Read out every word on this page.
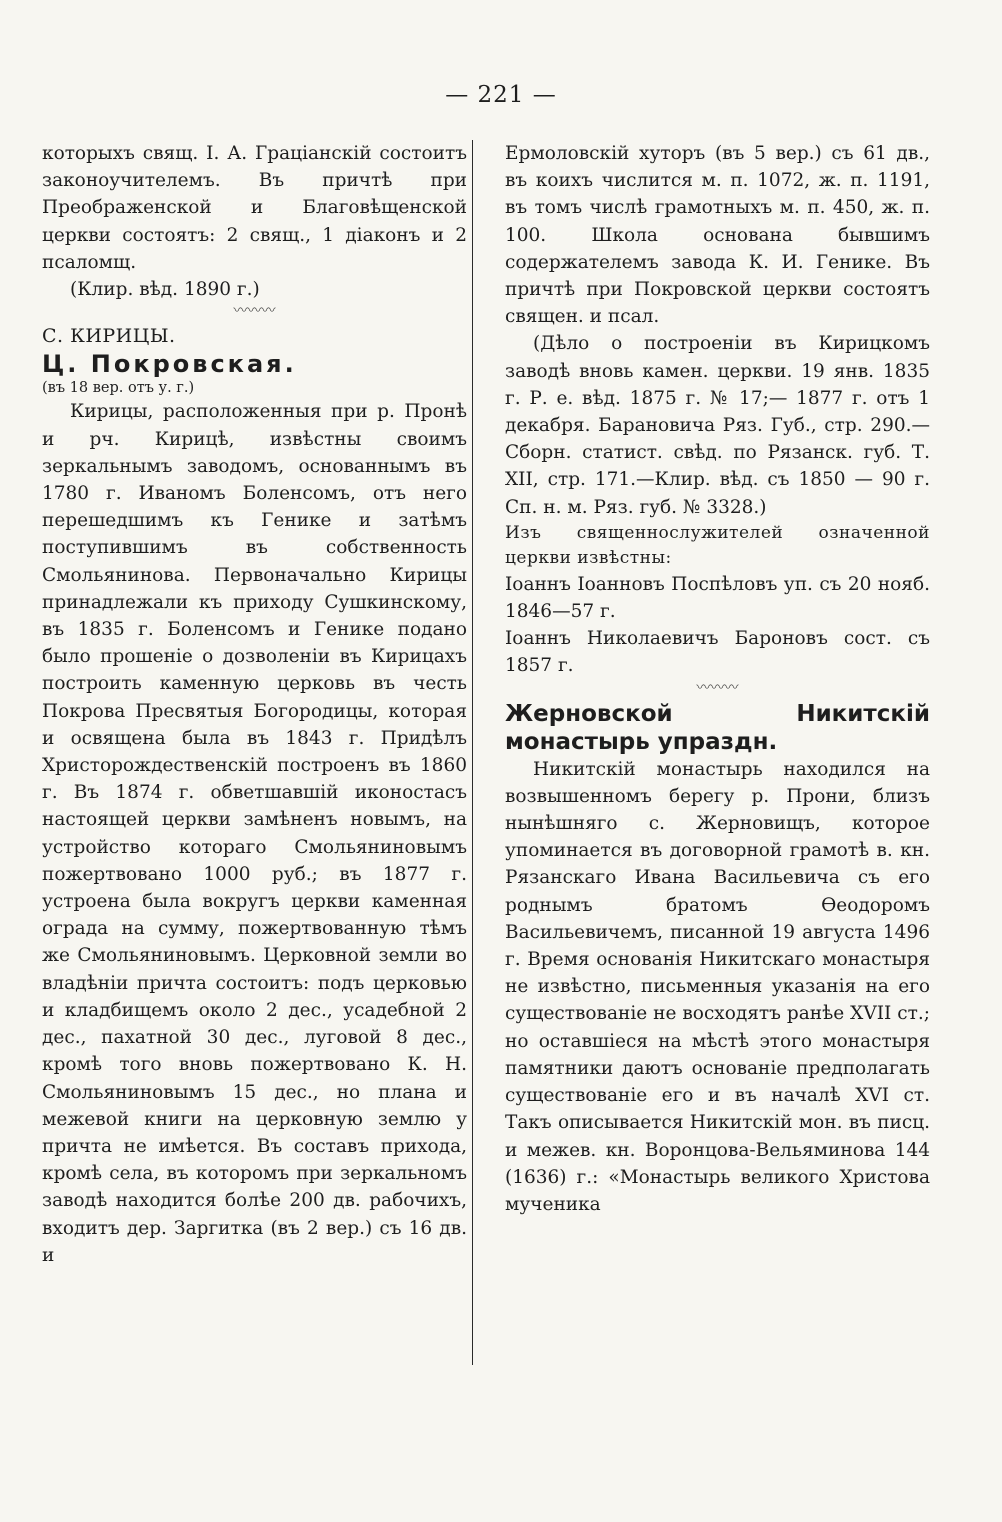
— 221 —

которыхъ свящ. І. А. Граціанскій состоитъ законоучителемъ. Въ причтѣ при Преображенской и Благовѣщенской церкви состоятъ: 2 свящ., 1 діаконъ и 2 псаломщ.

(Клир. вѣд. 1890 г.)

〰〰〰

С. КИРИЦЫ.

Ц. Покровская.

(въ 18 вер. отъ у. г.)

Кирицы, расположенныя при р. Пронѣ и рч. Кирицѣ, извѣстны своимъ зеркальнымъ заводомъ, основаннымъ въ 1780 г. Иваномъ Боленсомъ, отъ него перешедшимъ къ Генике и затѣмъ поступившимъ въ собственность Смольянинова. Первоначально Кирицы принадлежали къ приходу Сушкинскому, въ 1835 г. Боленсомъ и Генике подано было прошеніе о дозволеніи въ Кирицахъ построить каменную церковь въ честь Покрова Пресвятыя Богородицы, которая и освящена была въ 1843 г. Придѣлъ Христорождественскій построенъ въ 1860 г. Въ 1874 г. обветшавшій иконостасъ настоящей церкви замѣненъ новымъ, на устройство котораго Смольяниновымъ пожертвовано 1000 руб.; въ 1877 г. устроена была вокругъ церкви каменная ограда на сумму, пожертвованную тѣмъ же Смольяниновымъ. Церковной земли во владѣніи причта состоитъ: подъ церковью и кладбищемъ около 2 дес., усадебной 2 дес., пахатной 30 дес., луговой 8 дес., кромѣ того вновь пожертвовано К. Н. Смольяниновымъ 15 дес., но плана и межевой книги на церковную землю у причта не имѣется. Въ составъ прихода, кромѣ села, въ которомъ при зеркальномъ заводѣ находится болѣе 200 дв. рабочихъ, входитъ дер. Заргитка (въ 2 вер.) съ 16 дв. и

Ермоловскій хуторъ (въ 5 вер.) съ 61 дв., въ коихъ числится м. п. 1072, ж. п. 1191, въ томъ числѣ грамотныхъ м. п. 450, ж. п. 100. Школа основана бывшимъ содержателемъ завода К. И. Генике. Въ причтѣ при Покровской церкви состоятъ священ. и псал.

(Дѣло о построеніи въ Кирицкомъ заводѣ вновь камен. церкви. 19 янв. 1835 г. Р. е. вѣд. 1875 г. № 17;— 1877 г. отъ 1 декабря. Барановича Ряз. Губ., стр. 290.—Сборн. статист. свѣд. по Рязанск. губ. Т. XII, стр. 171.—Клир. вѣд. съ 1850 — 90 г. Сп. н. м. Ряз. губ. № 3328.)

Изъ священнослужителей означенной церкви извѣстны:

Іоаннъ Іоанновъ Поспѣловъ уп. съ 20 нояб. 1846—57 г.

Іоаннъ Николаевичъ Бароновъ сост. съ 1857 г.

〰〰〰

Жерновской Никитскій монастырь упраздн.

Никитскій монастырь находился на возвышенномъ берегу р. Прони, близъ нынѣшняго с. Жерновищъ, которое упоминается въ договорной грамотѣ в. кн. Рязанскаго Ивана Васильевича съ его роднымъ братомъ Ѳеодоромъ Васильевичемъ, писанной 19 августа 1496 г. Время основанія Никитскаго монастыря не извѣстно, письменныя указанія на его существованіе не восходятъ ранѣе XVII ст.; но оставшіеся на мѣстѣ этого монастыря памятники даютъ основаніе предполагать существованіе его и въ началѣ XVI ст. Такъ описывается Никитскій мон. въ писц. и межев. кн. Воронцова-Вельяминова 144 (1636) г.: «Монастырь великого Христова мученика
